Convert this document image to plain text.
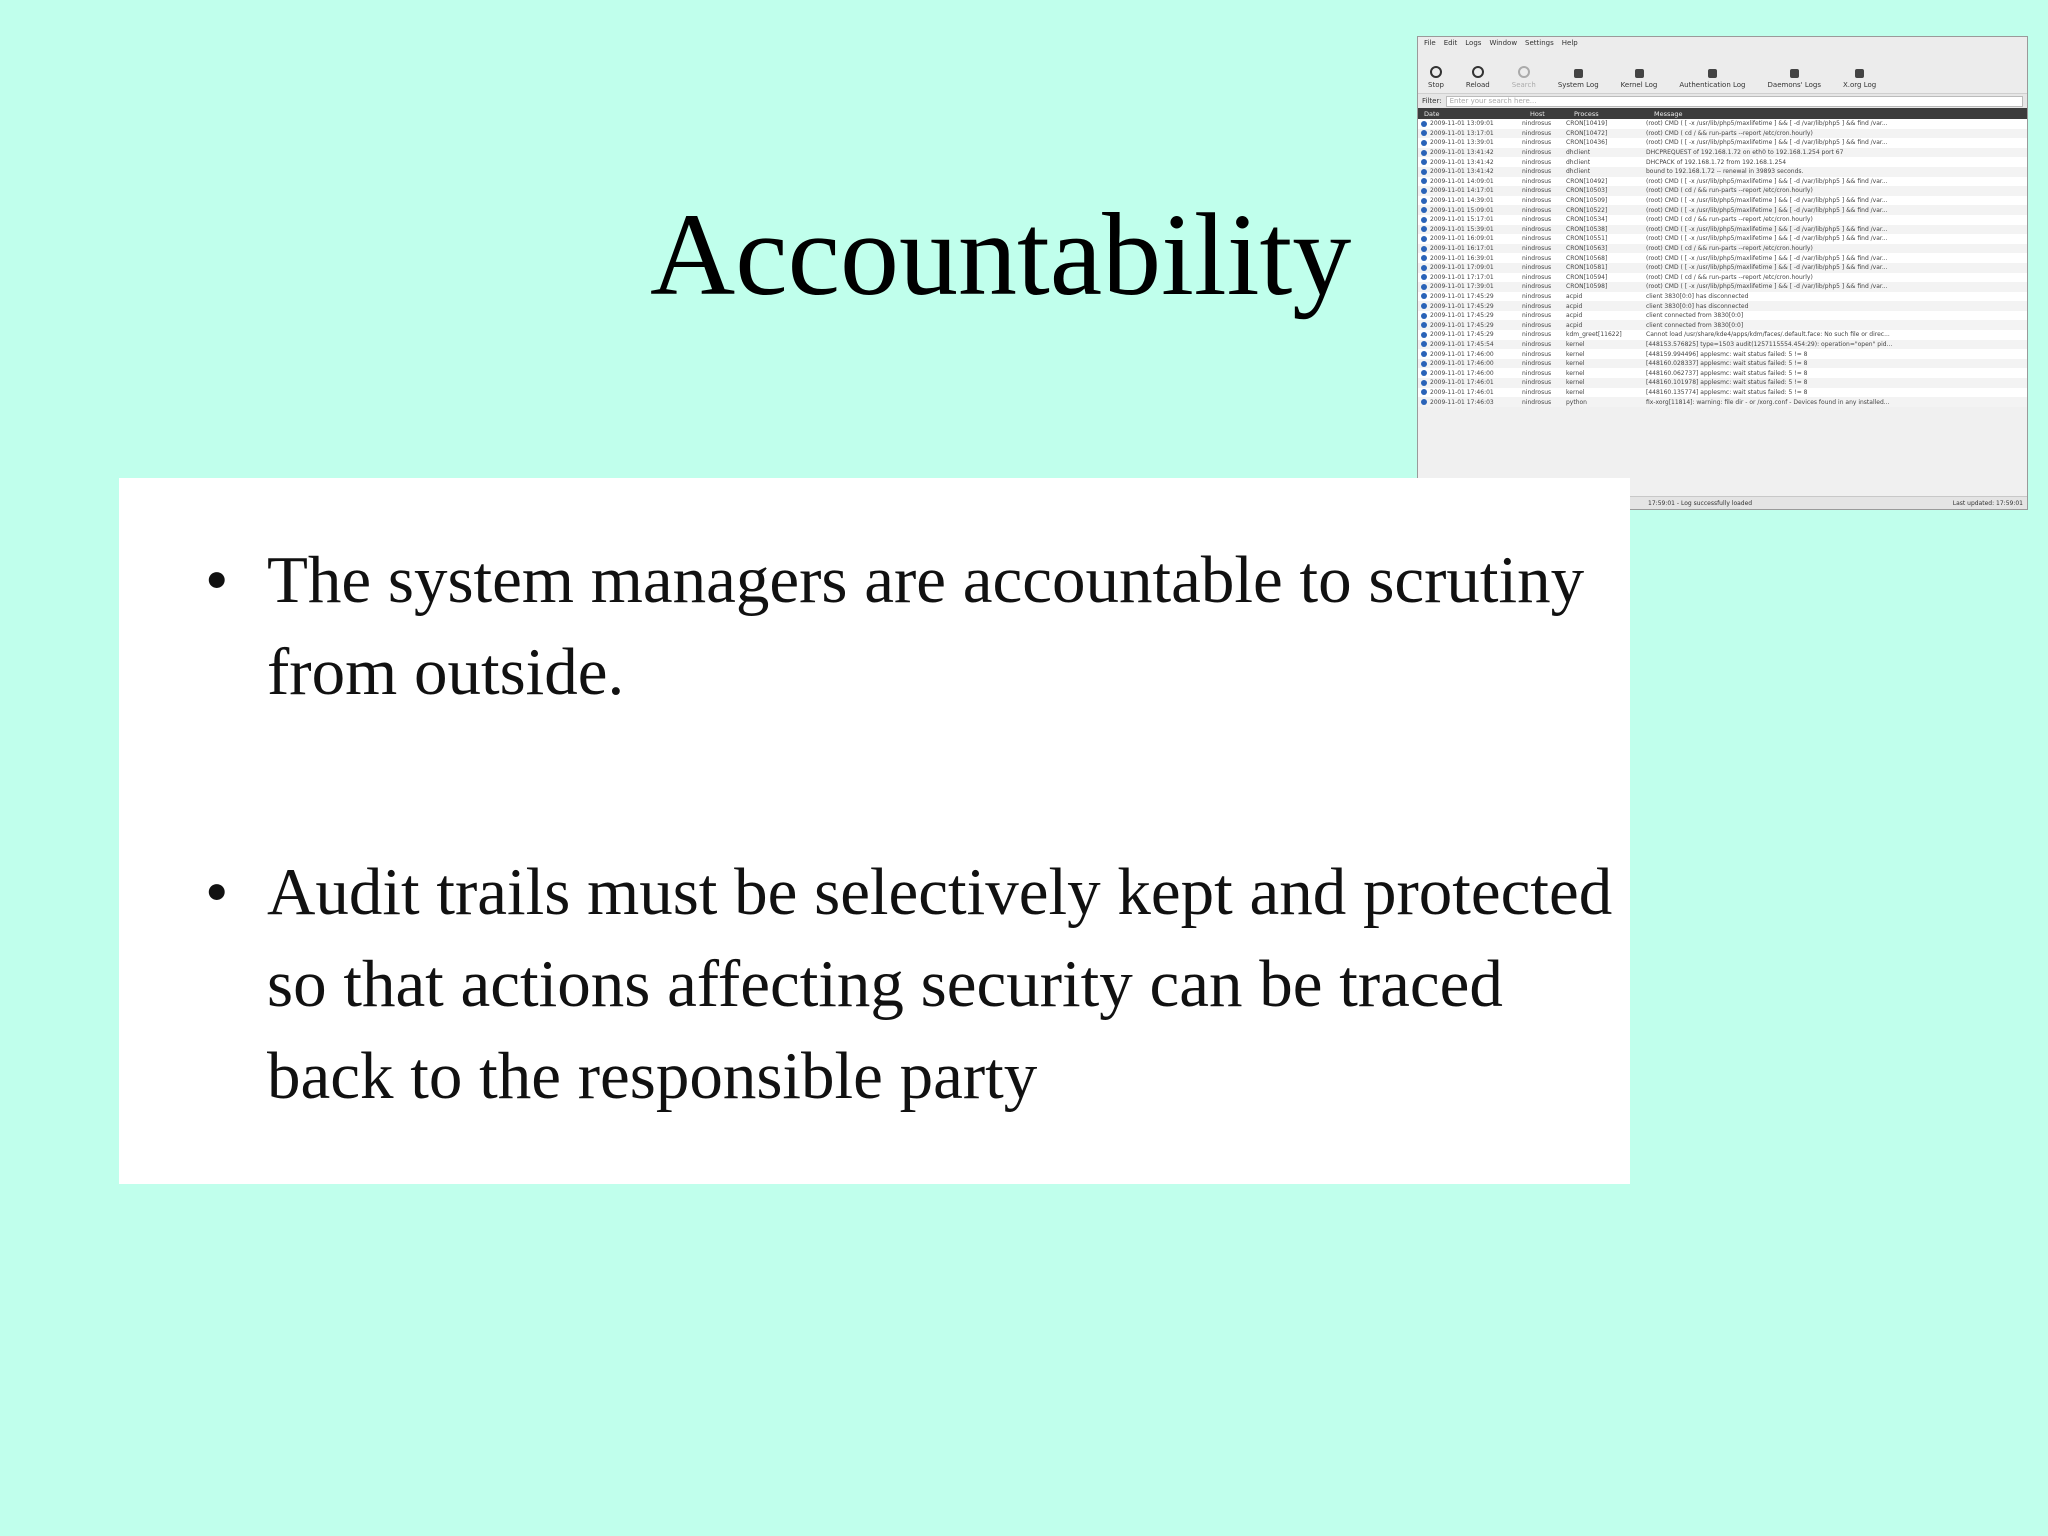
Accountability
File Edit Logs Window Settings Help
Stop	Reload	Search	System Log	Kernel Log	Authentication Log	Daemons' Logs	X.org Log
Filter:	Enter your search here...
Date	Host	Process	Message
2009-11-01 13:09:01	nindrosus	CRON[10419]	(root) CMD ( [ -x /usr/lib/php5/maxlifetime ] && [ -d /var/lib/php5 ] && find /var...
2009-11-01 13:17:01	nindrosus	CRON[10472]	(root) CMD ( cd / && run-parts --report /etc/cron.hourly)
2009-11-01 13:39:01	nindrosus	CRON[10436]	(root) CMD ( [ -x /usr/lib/php5/maxlifetime ] && [ -d /var/lib/php5 ] && find /var...
2009-11-01 13:41:42	nindrosus	dhclient	DHCPREQUEST of 192.168.1.72 on eth0 to 192.168.1.254 port 67
2009-11-01 13:41:42	nindrosus	dhclient	DHCPACK of 192.168.1.72 from 192.168.1.254
2009-11-01 13:41:42	nindrosus	dhclient	bound to 192.168.1.72 -- renewal in 39893 seconds.
2009-11-01 14:09:01	nindrosus	CRON[10492]	(root) CMD ( [ -x /usr/lib/php5/maxlifetime ] && [ -d /var/lib/php5 ] && find /var...
2009-11-01 14:17:01	nindrosus	CRON[10503]	(root) CMD ( cd / && run-parts --report /etc/cron.hourly)
2009-11-01 14:39:01	nindrosus	CRON[10509]	(root) CMD ( [ -x /usr/lib/php5/maxlifetime ] && [ -d /var/lib/php5 ] && find /var...
2009-11-01 15:09:01	nindrosus	CRON[10522]	(root) CMD ( [ -x /usr/lib/php5/maxlifetime ] && [ -d /var/lib/php5 ] && find /var...
2009-11-01 15:17:01	nindrosus	CRON[10534]	(root) CMD ( cd / && run-parts --report /etc/cron.hourly)
2009-11-01 15:39:01	nindrosus	CRON[10538]	(root) CMD ( [ -x /usr/lib/php5/maxlifetime ] && [ -d /var/lib/php5 ] && find /var...
2009-11-01 16:09:01	nindrosus	CRON[10551]	(root) CMD ( [ -x /usr/lib/php5/maxlifetime ] && [ -d /var/lib/php5 ] && find /var...
2009-11-01 16:17:01	nindrosus	CRON[10563]	(root) CMD ( cd / && run-parts --report /etc/cron.hourly)
2009-11-01 16:39:01	nindrosus	CRON[10568]	(root) CMD ( [ -x /usr/lib/php5/maxlifetime ] && [ -d /var/lib/php5 ] && find /var...
2009-11-01 17:09:01	nindrosus	CRON[10581]	(root) CMD ( [ -x /usr/lib/php5/maxlifetime ] && [ -d /var/lib/php5 ] && find /var...
2009-11-01 17:17:01	nindrosus	CRON[10594]	(root) CMD ( cd / && run-parts --report /etc/cron.hourly)
2009-11-01 17:39:01	nindrosus	CRON[10598]	(root) CMD ( [ -x /usr/lib/php5/maxlifetime ] && [ -d /var/lib/php5 ] && find /var...
2009-11-01 17:45:29	nindrosus	acpid	client 3830[0:0] has disconnected
2009-11-01 17:45:29	nindrosus	acpid	client 3830[0:0] has disconnected
2009-11-01 17:45:29	nindrosus	acpid	client connected from 3830[0:0]
2009-11-01 17:45:29	nindrosus	acpid	client connected from 3830[0:0]
2009-11-01 17:45:29	nindrosus	kdm_greet[11622]	Cannot load /usr/share/kde4/apps/kdm/faces/.default.face: No such file or direc...
2009-11-01 17:45:54	nindrosus	kernel	[448153.576825] type=1503 audit(1257115554.454:29): operation="open" pid...
2009-11-01 17:46:00	nindrosus	kernel	[448159.994496] applesmc: wait status failed: 5 != 8
2009-11-01 17:46:00	nindrosus	kernel	[448160.028337] applesmc: wait status failed: 5 != 8
2009-11-01 17:46:00	nindrosus	kernel	[448160.062737] applesmc: wait status failed: 5 != 8
2009-11-01 17:46:01	nindrosus	kernel	[448160.101978] applesmc: wait status failed: 5 != 8
2009-11-01 17:46:01	nindrosus	kernel	[448160.135774] applesmc: wait status failed: 5 != 8
2009-11-01 17:46:03	nindrosus	python	fix-xorg[11814]: warning: file dir - or /xorg.conf - Devices found in any installed...
17:59:01 - Log successfully loaded	Last updated: 17:59:01
• The system managers are accountable to scrutiny from outside.
• Audit trails must be selectively kept and protected so that actions affecting security can be traced back to the responsible party
